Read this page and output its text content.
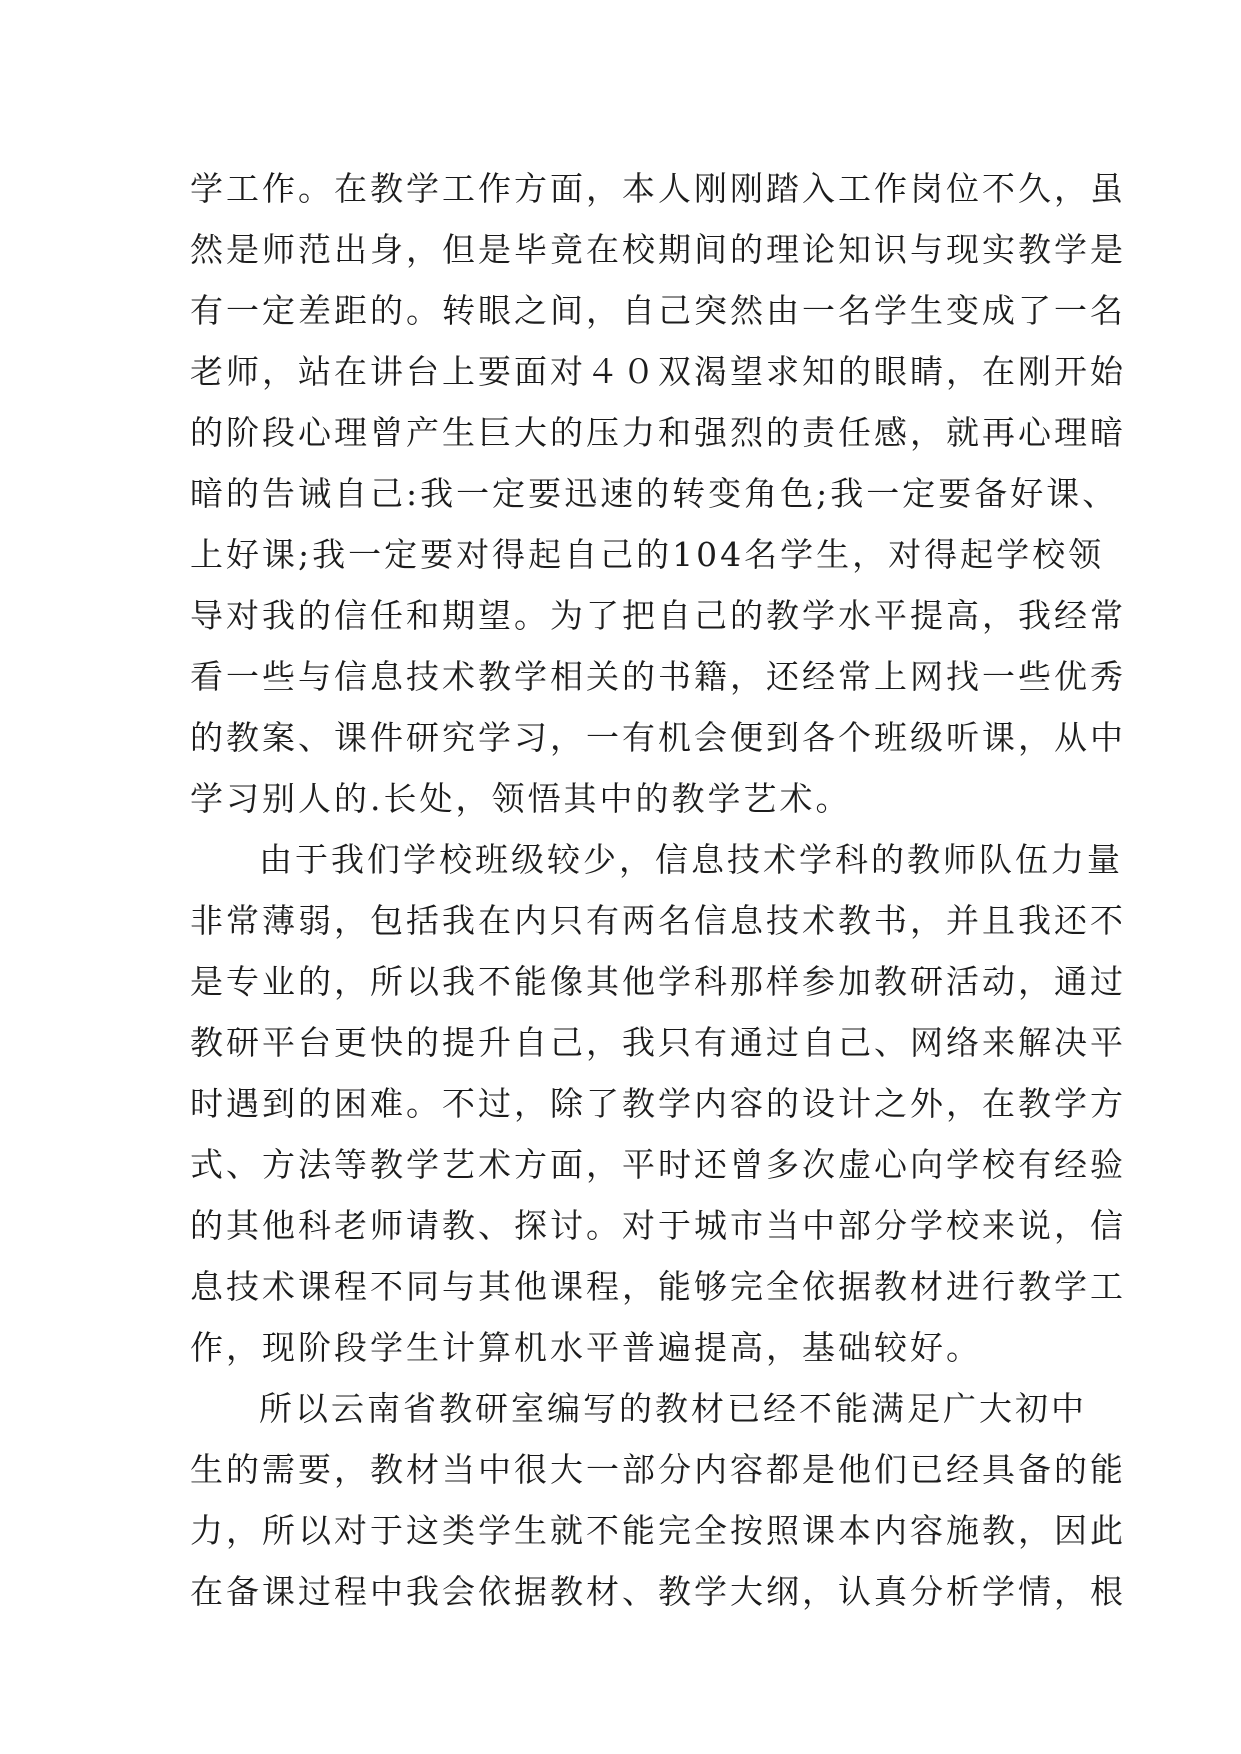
学工作。在教学工作方面，本人刚刚踏入工作岗位不久，虽
然是师范出身，但是毕竟在校期间的理论知识与现实教学是
有一定差距的。转眼之间，自己突然由一名学生变成了一名
老师，站在讲台上要面对４０双渴望求知的眼睛，在刚开始
的阶段心理曾产生巨大的压力和强烈的责任感，就再心理暗
暗的告诫自己:我一定要迅速的转变角色;我一定要备好课、
上好课;我一定要对得起自己的104名学生，对得起学校领
导对我的信任和期望。为了把自己的教学水平提高，我经常
看一些与信息技术教学相关的书籍，还经常上网找一些优秀
的教案、课件研究学习，一有机会便到各个班级听课，从中
学习别人的.长处，领悟其中的教学艺术。
由于我们学校班级较少，信息技术学科的教师队伍力量
非常薄弱，包括我在内只有两名信息技术教书，并且我还不
是专业的，所以我不能像其他学科那样参加教研活动，通过
教研平台更快的提升自己，我只有通过自己、网络来解决平
时遇到的困难。不过，除了教学内容的设计之外，在教学方
式、方法等教学艺术方面，平时还曾多次虚心向学校有经验
的其他科老师请教、探讨。对于城市当中部分学校来说，信
息技术课程不同与其他课程，能够完全依据教材进行教学工
作，现阶段学生计算机水平普遍提高，基础较好。
所以云南省教研室编写的教材已经不能满足广大初中
生的需要，教材当中很大一部分内容都是他们已经具备的能
力，所以对于这类学生就不能完全按照课本内容施教，因此
在备课过程中我会依据教材、教学大纲，认真分析学情，根
